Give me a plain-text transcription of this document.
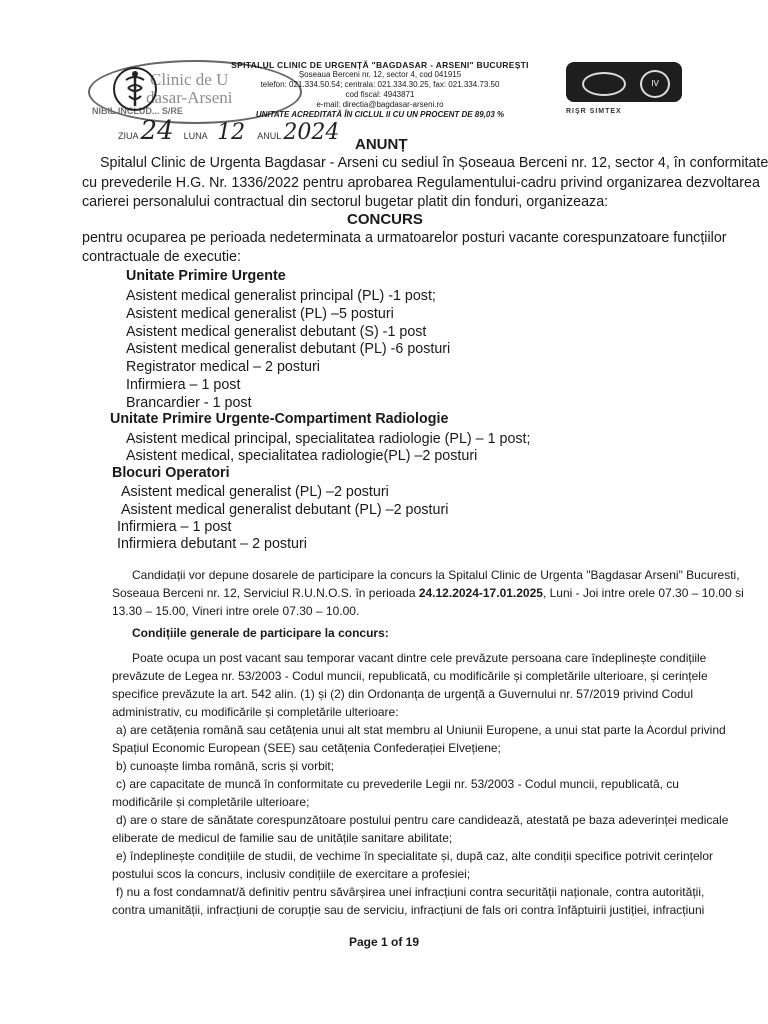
Clinic de U
dasar-Arseni
NIBIL INCLUD... S/RE
SPITALUL CLINIC DE URGENȚĂ "BAGDASAR - ARSENI" BUCUREȘTI
Șoseaua Berceni nr. 12, sector 4, cod 041915
telefon: 021.334.50.54; centrala: 021.334.30.25, fax: 021.334.73.50
cod fiscal: 4943871
e-mail: directia@bagdasar-arseni.ro
UNITATE ACREDITATĂ ÎN CICLUL II CU UN PROCENT DE 89,03 %
IV
RIŞR SIMTEX
ZIUA 24 LUNA 12 ANUL 2024 ANUNȚ
Spitalul Clinic de Urgenta Bagdasar - Arseni cu sediul în Șoseaua Berceni nr. 12, sector 4, în conformitate
cu prevederile H.G. Nr. 1336/2022 pentru aprobarea Regulamentului-cadru privind organizarea dezvoltarea
carierei personalului contractual din sectorul bugetar platit din fonduri, organizeaza:
CONCURS
pentru ocuparea pe perioada nedeterminata a urmatoarelor posturi vacante corespunzatoare funcțiilor
contractuale de executie:
Unitate Primire Urgente
Asistent medical generalist principal (PL) -1 post;
Asistent medical generalist (PL) –5 posturi
Asistent medical generalist debutant (S) -1 post
Asistent medical generalist debutant (PL) -6 posturi
Registrator medical – 2 posturi
Infirmiera – 1 post
Brancardier - 1 post
Unitate Primire Urgente-Compartiment Radiologie
Asistent medical principal, specialitatea radiologie (PL) – 1 post;
Asistent medical, specialitatea radiologie(PL) –2 posturi
Blocuri Operatori
Asistent medical generalist (PL) –2 posturi
Asistent medical generalist debutant (PL) –2 posturi
Infirmiera – 1 post
Infirmiera debutant – 2 posturi
Candidații vor depune dosarele de participare la concurs la Spitalul Clinic de Urgenta "Bagdasar Arseni" Bucuresti,
Soseaua Berceni nr. 12, Serviciul R.U.N.O.S. în perioada 24.12.2024-17.01.2025, Luni - Joi intre orele 07.30 – 10.00 si
13.30 – 15.00, Vineri intre orele 07.30 – 10.00.
Condițiile generale de participare la concurs:
Poate ocupa un post vacant sau temporar vacant dintre cele prevăzute persoana care îndeplinește condițiile
prevăzute de Legea nr. 53/2003 - Codul muncii, republicată, cu modificările și completările ulterioare, și cerințele
specifice prevăzute la art. 542 alin. (1) și (2) din Ordonanța de urgență a Guvernului nr. 57/2019 privind Codul
administrativ, cu modificările și completările ulterioare:
a) are cetățenia română sau cetățenia unui alt stat membru al Uniunii Europene, a unui stat parte la Acordul privind
Spațiul Economic European (SEE) sau cetățenia Confederației Elvețiene;
b) cunoaște limba română, scris și vorbit;
c) are capacitate de muncă în conformitate cu prevederile Legii nr. 53/2003 - Codul muncii, republicată, cu
modificările și completările ulterioare;
d) are o stare de sănătate corespunzătoare postului pentru care candidează, atestată pe baza adeverinței medicale
eliberate de medicul de familie sau de unitățile sanitare abilitate;
e) îndeplinește condițiile de studii, de vechime în specialitate și, după caz, alte condiții specifice potrivit cerințelor
postului scos la concurs, inclusiv condițiile de exercitare a profesiei;
f) nu a fost condamnat/ă definitiv pentru săvârșirea unei infracțiuni contra securității naționale, contra autorității,
contra umanității, infracțiuni de corupție sau de serviciu, infracțiuni de fals ori contra înfăptuirii justiției, infracțiuni
Page 1 of 19
